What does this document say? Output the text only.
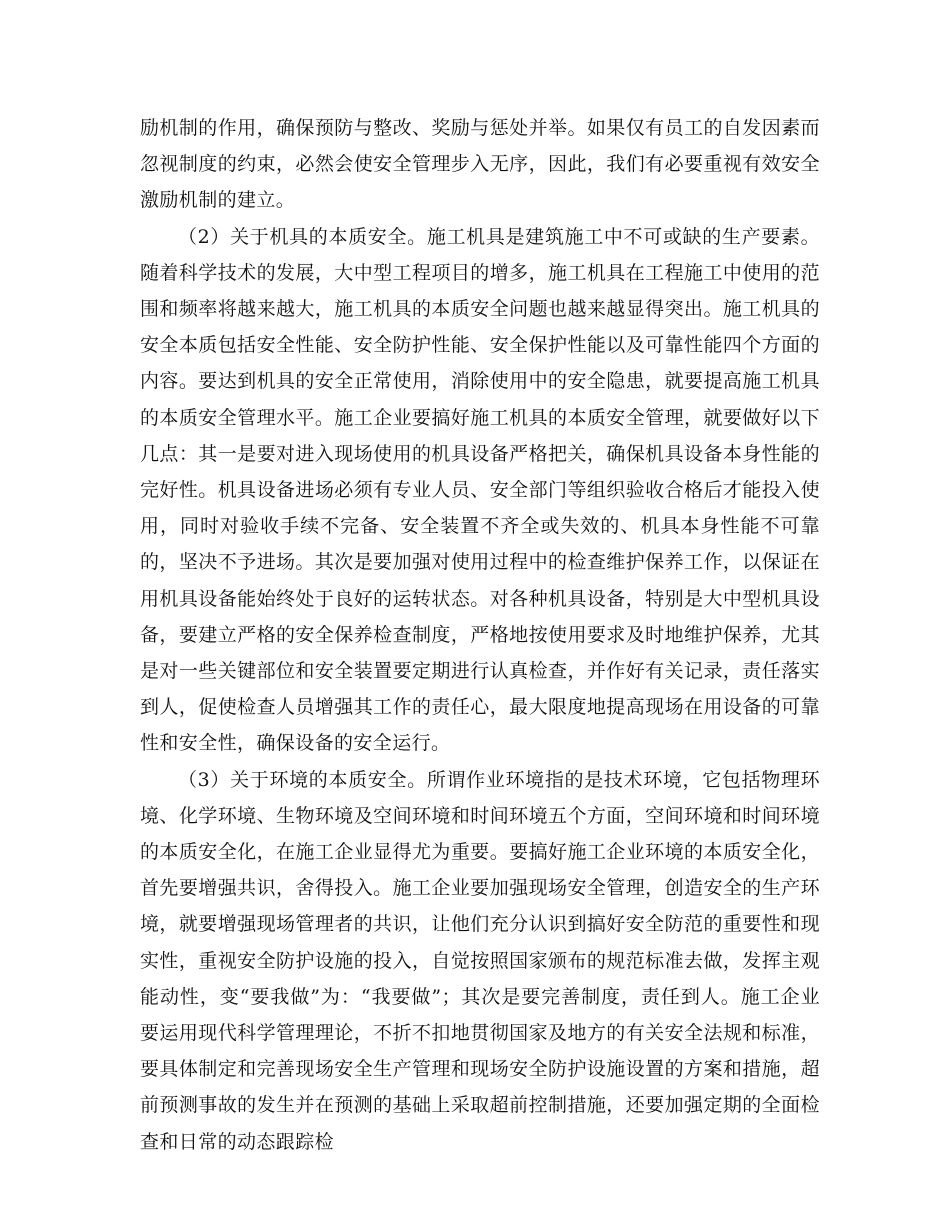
励机制的作用，确保预防与整改、奖励与惩处并举。如果仅有员工的自发因素而忽视制度的约束，必然会使安全管理步入无序，因此，我们有必要重视有效安全激励机制的建立。

（2）关于机具的本质安全。施工机具是建筑施工中不可或缺的生产要素。随着科学技术的发展，大中型工程项目的增多，施工机具在工程施工中使用的范围和频率将越来越大，施工机具的本质安全问题也越来越显得突出。施工机具的安全本质包括安全性能、安全防护性能、安全保护性能以及可靠性能四个方面的内容。要达到机具的安全正常使用，消除使用中的安全隐患，就要提高施工机具的本质安全管理水平。施工企业要搞好施工机具的本质安全管理，就要做好以下几点：其一是要对进入现场使用的机具设备严格把关，确保机具设备本身性能的完好性。机具设备进场必须有专业人员、安全部门等组织验收合格后才能投入使用，同时对验收手续不完备、安全装置不齐全或失效的、机具本身性能不可靠的，坚决不予进场。其次是要加强对使用过程中的检查维护保养工作，以保证在用机具设备能始终处于良好的运转状态。对各种机具设备，特别是大中型机具设备，要建立严格的安全保养检查制度，严格地按使用要求及时地维护保养，尤其是对一些关键部位和安全装置要定期进行认真检查，并作好有关记录，责任落实到人，促使检查人员增强其工作的责任心，最大限度地提高现场在用设备的可靠性和安全性，确保设备的安全运行。

（3）关于环境的本质安全。所谓作业环境指的是技术环境，它包括物理环境、化学环境、生物环境及空间环境和时间环境五个方面，空间环境和时间环境的本质安全化，在施工企业显得尤为重要。要搞好施工企业环境的本质安全化，首先要增强共识，舍得投入。施工企业要加强现场安全管理，创造安全的生产环境，就要增强现场管理者的共识，让他们充分认识到搞好安全防范的重要性和现实性，重视安全防护设施的投入，自觉按照国家颁布的规范标准去做，发挥主观能动性，变“要我做”为：“我要做”；其次是要完善制度，责任到人。施工企业要运用现代科学管理理论，不折不扣地贯彻国家及地方的有关安全法规和标准，要具体制定和完善现场安全生产管理和现场安全防护设施设置的方案和措施，超前预测事故的发生并在预测的基础上采取超前控制措施，还要加强定期的全面检查和日常的动态跟踪检
